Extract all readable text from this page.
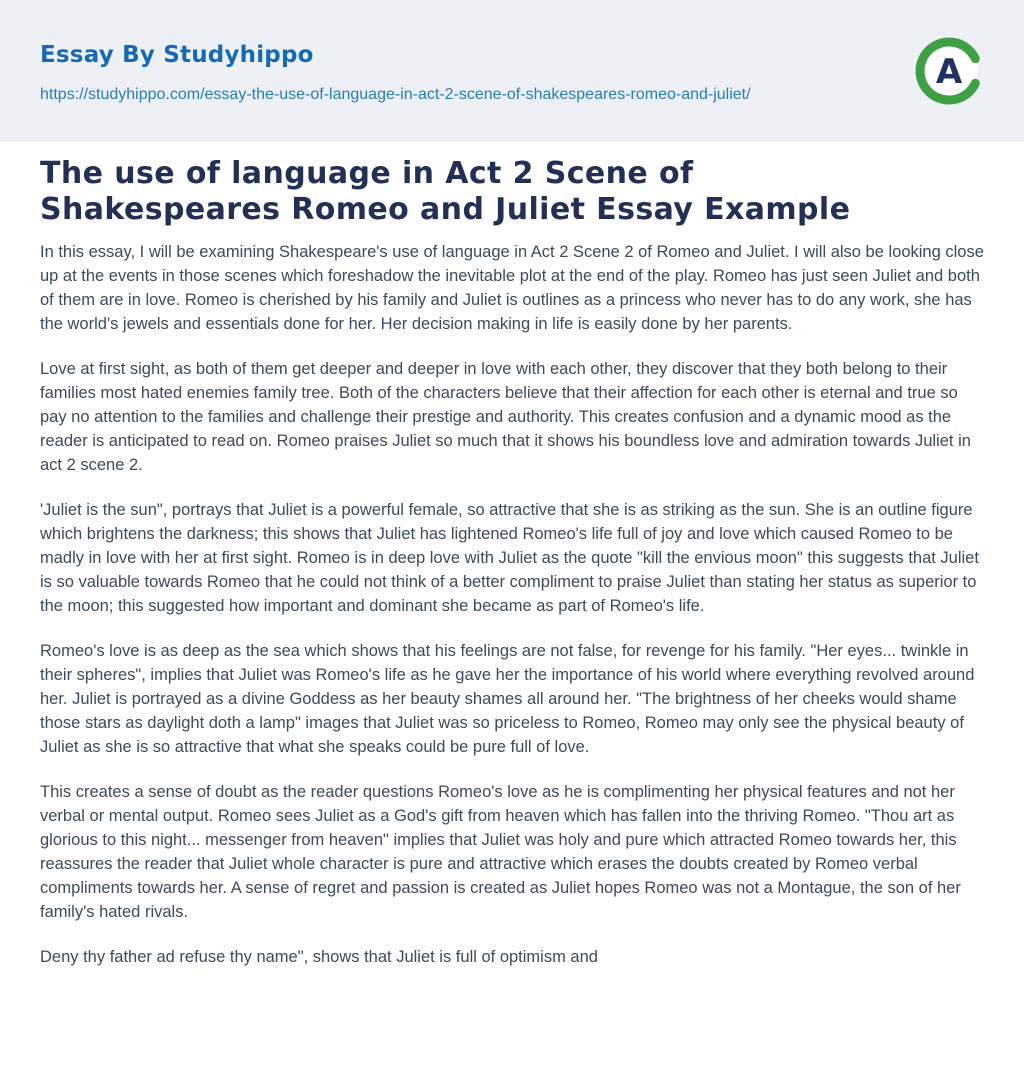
Essay By Studyhippo
https://studyhippo.com/essay-the-use-of-language-in-act-2-scene-of-shakespeares-romeo-and-juliet/
A
The use of language in Act 2 Scene of
Shakespeares Romeo and Juliet Essay Example

In this essay, I will be examining Shakespeare's use of language in Act 2 Scene 2 of Romeo and Juliet. I will also be looking close up at the events in those scenes which foreshadow the inevitable plot at the end of the play. Romeo has just seen Juliet and both of them are in love. Romeo is cherished by his family and Juliet is outlines as a princess who never has to do any work, she has the world's jewels and essentials done for her. Her decision making in life is easily done by her parents.

Love at first sight, as both of them get deeper and deeper in love with each other, they discover that they both belong to their families most hated enemies family tree. Both of the characters believe that their affection for each other is eternal and true so pay no attention to the families and challenge their prestige and authority. This creates confusion and a dynamic mood as the reader is anticipated to read on. Romeo praises Juliet so much that it shows his boundless love and admiration towards Juliet in act 2 scene 2.

'Juliet is the sun", portrays that Juliet is a powerful female, so attractive that she is as striking as the sun. She is an outline figure which brightens the darkness; this shows that Juliet has lightened Romeo's life full of joy and love which caused Romeo to be madly in love with her at first sight. Romeo is in deep love with Juliet as the quote "kill the envious moon" this suggests that Juliet is so valuable towards Romeo that he could not think of a better compliment to praise Juliet than stating her status as superior to the moon; this suggested how important and dominant she became as part of Romeo's life.

Romeo's love is as deep as the sea which shows that his feelings are not false, for revenge for his family. "Her eyes... twinkle in their spheres", implies that Juliet was Romeo's life as he gave her the importance of his world where everything revolved around her. Juliet is portrayed as a divine Goddess as her beauty shames all around her. "The brightness of her cheeks would shame those stars as daylight doth a lamp" images that Juliet was so priceless to Romeo, Romeo may only see the physical beauty of Juliet as she is so attractive that what she speaks could be pure full of love.

This creates a sense of doubt as the reader questions Romeo's love as he is complimenting her physical features and not her verbal or mental output. Romeo sees Juliet as a God's gift from heaven which has fallen into the thriving Romeo. "Thou art as glorious to this night... messenger from heaven" implies that Juliet was holy and pure which attracted Romeo towards her, this reassures the reader that Juliet whole character is pure and attractive which erases the doubts created by Romeo verbal compliments towards her. A sense of regret and passion is created as Juliet hopes Romeo was not a Montague, the son of her family's hated rivals.

Deny thy father ad refuse thy name", shows that Juliet is full of optimism and
